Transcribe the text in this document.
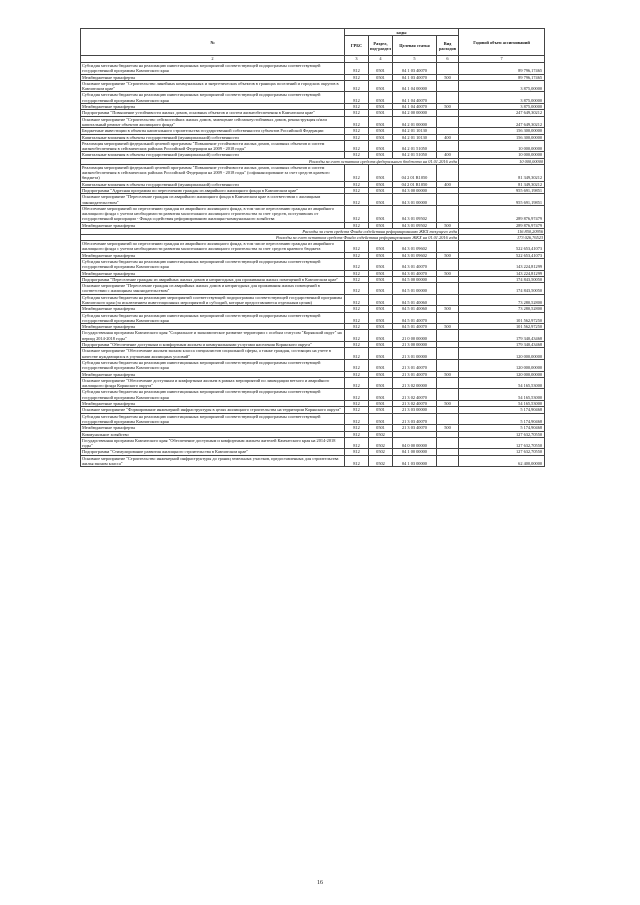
№	коды				Годовой объем ассигнований
	ГРБС	Раздел, под-раздел	Целевая статья	Вид расходов	
2	3	4	5	6	7
Субсидия местным бюджетам на реализацию инвестиционных мероприятий соответствующей подпрограммы соответствующей государственной программы Камчатского края	812	0501	04 1 03 40070		89 796,17465
Межбюджетные трансферты	812	0501	04 1 03 40070	500	89 796,17465
Основное мероприятие "Строительство линейных коммунальных и энергетических объектов в границах поселений и городских округов в Камчатском крае"	812	0501	04 1 04 00000		3 875,00000
Субсидия местным бюджетам на реализацию инвестиционных мероприятий соответствующей подпрограммы соответствующей государственной программы Камчатского края	812	0501	04 1 04 40070		3 875,00000
Межбюджетные трансферты	812	0501	04 1 04 40070	500	3 875,00000
Подпрограмма "Повышение устойчивости жилых домов, основных объектов и систем жизнеобеспечения в Камчатском крае"	812	0501	04 2 00 00000		247 649,30212
Основное мероприятие "Строительство сейсмостойких жилых домов, замещение сейсмонеустойчивых домов, реконструкция и/или капитальный ремонт объектов жилищного фонда"	812	0501	04 2 01 00000		247 649,30212
Бюджетные инвестиции в объекты капитального строительства государственной собственности субъектов Российской Федерации	812	0501	04 2 01 10130		156 300,00000
Капитальные вложения в объекты государственной (муниципальной) собственности	812	0501	04 2 01 10130	400	156 300,00000
Реализация мероприятий федеральной целевой программы "Повышение устойчивости жилых домов, основных объектов и систем жизнеобеспечения в сейсмических районах Российской Федерации на 2009 - 2018 годы"	812	0501	04 2 01 51050		10 000,00000
Капитальные вложения в объекты государственной (муниципальной) собственности	812	0501	04 2 01 51050	400	10 000,00000
Расходы за счет остатков средств федерального бюджета на 01.01.2016 года					10 000,00000
Реализация мероприятий федеральной целевой программы "Повышение устойчивости жилых домов, основных объектов и систем жизнеобеспечения в сейсмических районах Российской Федерации на 2009 - 2018 годы" (софинансирование за счет средств краевого бюджета)	812	0501	04 2 01 R1050		81 349,30212
Капитальные вложения в объекты государственной (муниципальной) собственности	812	0501	04 2 01 R1050	400	81 349,30212
Подпрограмма "Адресная программа по переселению граждан из аварийного жилищного фонда в Камчатском крае"	812	0501	04 3 00 00000		955 691,19851
Основное мероприятие "Переселение граждан из аварийного жилищного фонда в Камчатском крае в соответствии с жилищным законодательством"	812	0501	04 3 01 00000		955 691,19851
Обеспечение мероприятий по переселению граждан из аварийного жилищного фонда, в том числе переселению граждан из аварийного жилищного фонда с учетом необходимости развития малоэтажного жилищного строительства за счет средств, поступивших от государственной корпорации - Фонда содействия реформированию жилищно-коммунального хозяйства	812	0501	04 3 01 09502		289 876,97479
Межбюджетные трансферты	812	0501	04 3 01 09502	500	289 876,97479
Расходы за счет средств Фонда содействия реформированию ЖКХ текущего года					116 850,20956
Расходы за счет остатков средств Фонда содействия реформированию ЖКХ на 01.01.2016 года					173 026,76523
Обеспечение мероприятий по переселению граждан из аварийного жилищного фонда, в том числе переселению граждан из аварийного жилищного фонда с учетом необходимости развития малоэтажного жилищного строительства за счет средств краевого бюджета	812	0501	04 3 01 09602		522 653,41073
Межбюджетные трансферты	812	0501	04 3 01 09602	500	522 653,41073
Субсидия местным бюджетам на реализацию инвестиционных мероприятий соответствующей подпрограммы соответствующей государственной программы Камчатского края	812	0501	04 3 01 40070		143 224,81299
Межбюджетные трансферты	812	0501	04 3 01 40070	500	143 224,81299
Подпрограмма "Переселение граждан из аварийных жилых домов и непригодных для проживания жилых помещений в Камчатском крае"	812	0501	04 5 00 00000		174 843,50050
Основное мероприятие "Переселение граждан из аварийных жилых домов и непригодных для проживания жилых помещений в соответствии с жилищным законодательством"	812	0501	04 5 01 00000		174 843,50050
Субсидия местным бюджетам на реализацию мероприятий соответствующей подпрограммы соответствующей государственной программы Камчатского края (за исключением инвестиционных мероприятий и субсидий, которые предоставляются отдельным целям)	812	0501	04 5 01 40060		73 280,52800
Межбюджетные трансферты	812	0501	04 5 01 40060	500	73 280,52800
Субсидия местным бюджетам на реализацию инвестиционных мероприятий соответствующей подпрограммы соответствующей государственной программы Камчатского края	812	0501	04 5 01 40070		101 562,97250
Межбюджетные трансферты	812	0501	04 5 01 40070	500	101 562,97250
Государственная программа Камчатского края "Социальное и экономическое развитие территории с особым статусом "Корякский округ" на период 2014-2018 годы"	812	0501	21 0 00 00000		179 340,43468
Подпрограмма "Обеспечение доступным и комфортным жильем и коммунальными услугами населения Корякского округа"	812	0501	21 3 00 00000		179 340,43468
Основное мероприятие "Обеспечение жильем эконом класса специалистов социальной сферы, а также граждан, состоящих на учете в качестве нуждающихся в улучшении жилищных условий"	812	0501	21 3 01 00000		120 000,00000
Субсидия местным бюджетам на реализацию инвестиционных мероприятий соответствующей подпрограммы соответствующей государственной программы Камчатского края	812	0501	21 3 01 40070		120 000,00000
Межбюджетные трансферты	812	0501	21 3 01 40070	500	120 000,00000
Основное мероприятие "Обеспечение доступным и комфортным жильем в рамках мероприятий по ликвидации ветхого и аварийного жилищного фонда Корякского округа"	812	0501	21 3 02 00000		54 165,53000
Субсидия местным бюджетам на реализацию инвестиционных мероприятий соответствующей подпрограммы соответствующей государственной программы Камчатского края	812	0501	21 3 02 40070		54 165,53000
Межбюджетные трансферты	812	0501	21 3 02 40070	500	54 165,53000
Основное мероприятие "Формирование инженерной инфраструктуры в целях жилищного строительства на территории Корякского округа"	812	0501	21 3 03 00000		5 174,90468
Субсидия местным бюджетам на реализацию инвестиционных мероприятий соответствующей подпрограммы соответствующей государственной программы Камчатского края	812	0501	21 3 03 40070		5 174,90468
Межбюджетные трансферты	812	0501	21 3 03 40070	500	5 174,90468
Коммунальное хозяйство	812	0502			127 632,70550
Государственная программа Камчатского края "Обеспечение доступным и комфортным жильем жителей Камчатского края на 2014-2018 годы"	812	0502	04 0 00 00000		127 632,70550
Подпрограмма "Стимулирование развития жилищного строительства в Камчатском крае"	812	0502	04 1 00 00000		127 632,70550
Основное мероприятие "Строительство инженерной инфраструктуры до границ земельных участков, предоставленных для строительства жилья эконом класса"	812	0502	04 1 03 00000		62 400,00000
16
